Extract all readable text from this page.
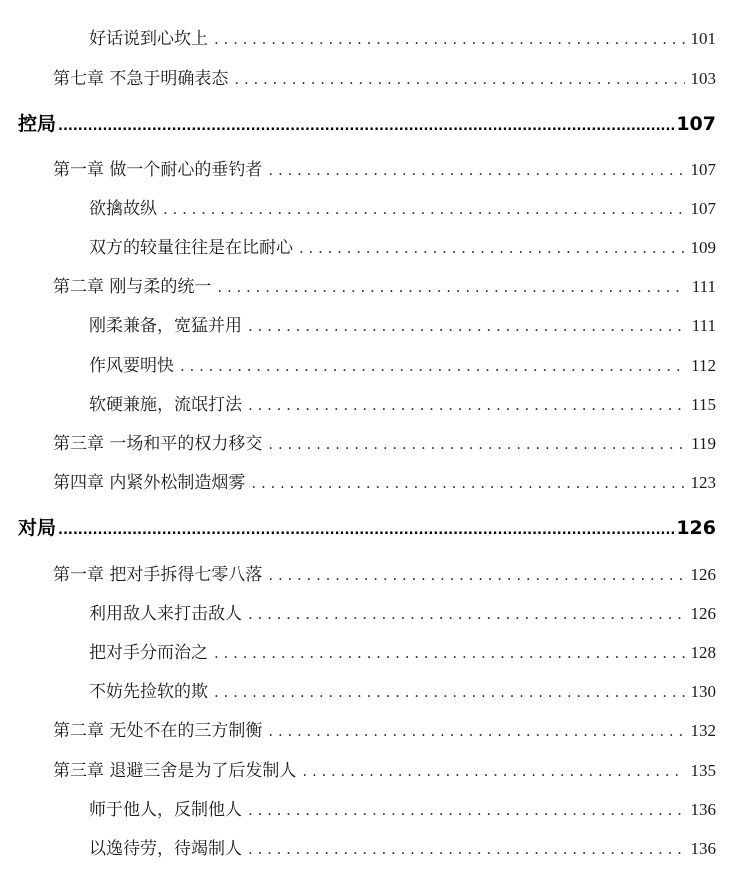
好话说到心坎上 . . .	101
第七章 不急于明确表态 . . .	103
控局 .....	107
第一章 做一个耐心的垂钓者 . . .	107
欲擒故纵 . . .	107
双方的较量往往是在比耐心 . . .	109
第二章 刚与柔的统一 . . .	111
刚柔兼备，宽猛并用 . . .	111
作风要明快 . . .	112
软硬兼施，流氓打法 . . .	115
第三章 一场和平的权力移交 . . .	119
第四章 内紧外松制造烟雾 . . .	123
对局 .....	126
第一章 把对手拆得七零八落 . . .	126
利用敌人来打击敌人 . . .	126
把对手分而治之 . . .	128
不妨先捡软的欺 . . .	130
第二章 无处不在的三方制衡 . . .	132
第三章 退避三舍是为了后发制人 . . .	135
师于他人，反制他人 . . .	136
以逸待劳，待竭制人 . . .	136
